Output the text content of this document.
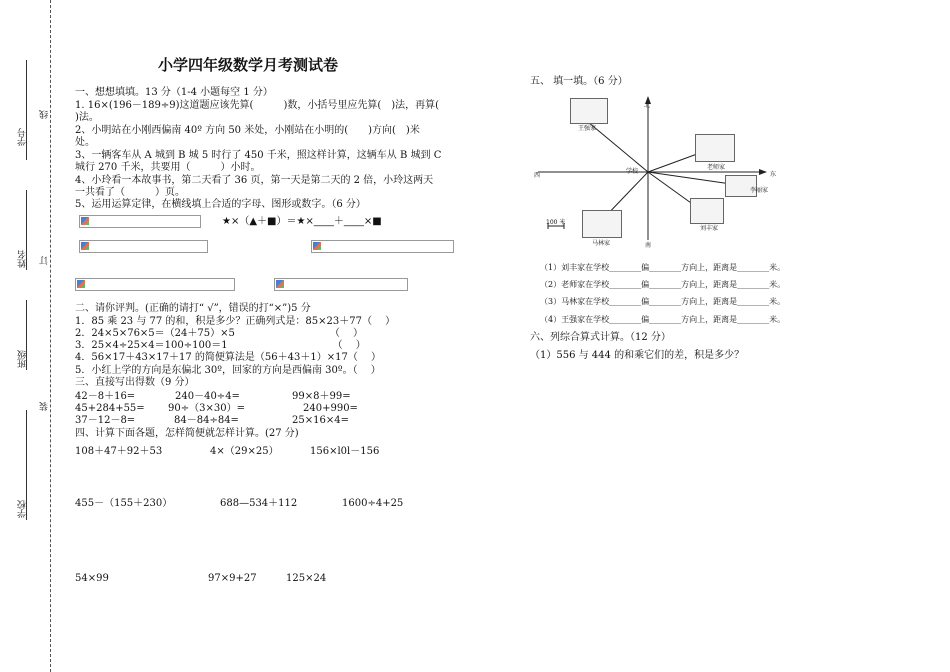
学号
姓名
班级
学校
线
订
装
小学四年级数学月考测试卷
一、想想填填。13 分（1-4 小题每空 1 分）
1. 16×(196－189÷9)这道题应该先算(　　　)数，小括号里应先算(　)法，再算(
)法。
2、小明站在小刚西偏南 40º 方向 50 米处，小刚站在小明的(　　)方向(　)米
处。
3、一辆客车从 A 城到 B 城 5 时行了 450 千米，照这样计算，这辆车从 B 城到 C
城行 270 千米，共要用（　　　）小时。
4、小玲看一本故事书，第二天看了 36 页，第一天是第二天的 2 倍，小玲这两天
一共看了（　　　）页。
5、运用运算定律，在横线填上合适的字母、图形或数字。（6 分）
★×（▲＋■）＝★×____＋____×■
二、请你评判。(正确的请打“ √”，错误的打“×”)5 分
1．85 乘 23 与 77 的和，积是多少？正确列式是：85×23＋77（　 ）
2．24×5×76×5＝（24＋75）×5　　　　　　　　　　（　 ）
3．25×4÷25×4＝100÷100＝1　　　　　　　　　　　（　 ）
4．56×17＋43×17＋17 的简便算法是（56＋43＋1）×17（　 ）
5．小红上学的方向是东偏北 30º，回家的方向是西偏南 30º。（　 ）
三、直接写出得数（9 分）
42－8＋16=	240－40÷4=	99×8＋99=
45+284+55= 90÷（3×30）=	240+990=
37－12－8=	84－84÷84=	25×16×4=
四、计算下面各题，怎样简便就怎样计算。(27 分)
108＋47＋92＋53	4×（29×25）	156×l0l－156
455－（155＋230）	688—534＋112	1600÷4+25
54×99	97×9+27	125×24
五、 填一填。（6 分）
北
东
西
南
学校
100 米
王强家
老师家
李丽家
刘丰家
马林家
（1）刘丰家在学校________偏________方向上，距离是________米。
（2）老师家在学校________偏________方向上，距离是________米。
（3）马林家在学校________偏________方向上，距离是________米。
（4）王强家在学校________偏________方向上，距离是________米。
六、列综合算式计算。（12 分）
（1）556 与 444 的和乘它们的差，积是多少？
